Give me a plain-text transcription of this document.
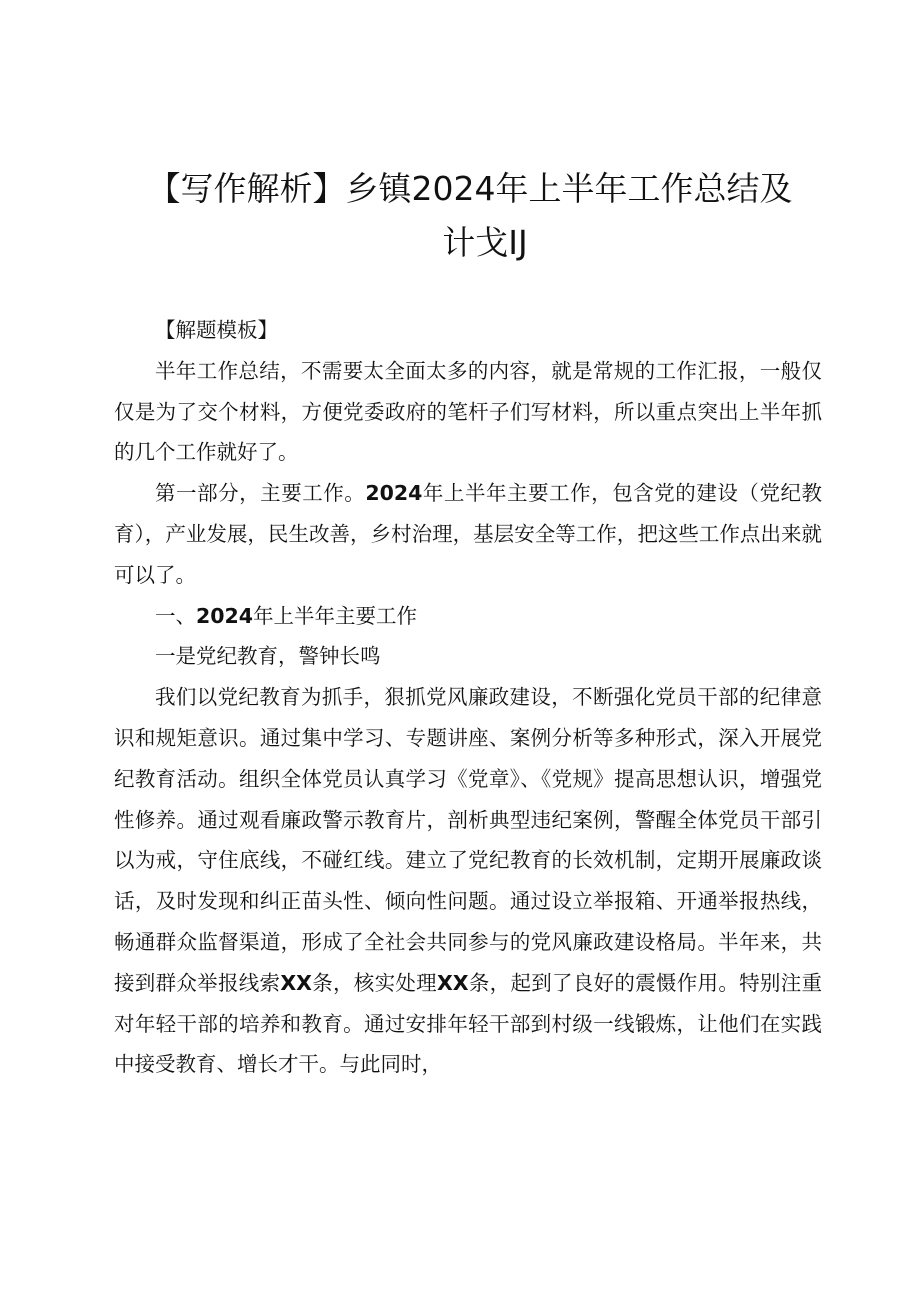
【写作解析】乡镇2024年上半年工作总结及
计戈IJ

【解题模板】

半年工作总结，不需要太全面太多的内容，就是常规的工作汇报，一般仅仅是为了交个材料，方便党委政府的笔杆子们写材料，所以重点突出上半年抓的几个工作就好了。

第一部分，主要工作。2024年上半年主要工作，包含党的建设（党纪教育），产业发展，民生改善，乡村治理，基层安全等工作，把这些工作点出来就可以了。

一、2024年上半年主要工作

一是党纪教育，警钟长鸣

我们以党纪教育为抓手，狠抓党风廉政建设，不断强化党员干部的纪律意识和规矩意识。通过集中学习、专题讲座、案例分析等多种形式，深入开展党纪教育活动。组织全体党员认真学习《党章》、《党规》提高思想认识，增强党性修养。通过观看廉政警示教育片，剖析典型违纪案例，警醒全体党员干部引以为戒，守住底线，不碰红线。建立了党纪教育的长效机制，定期开展廉政谈话，及时发现和纠正苗头性、倾向性问题。通过设立举报箱、开通举报热线，畅通群众监督渠道，形成了全社会共同参与的党风廉政建设格局。半年来，共接到群众举报线索XX条，核实处理XX条，起到了良好的震慑作用。特别注重对年轻干部的培养和教育。通过安排年轻干部到村级一线锻炼，让他们在实践中接受教育、增长才干。与此同时，
